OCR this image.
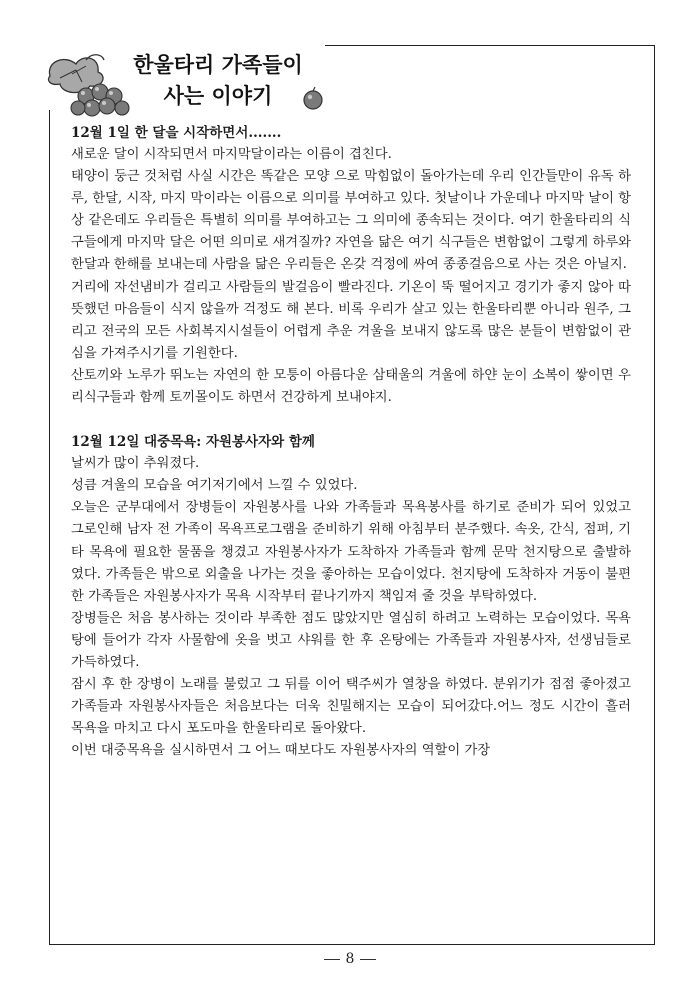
한울타리 가족들이
사는 이야기

12월 1일 한 달을 시작하면서.......

새로운 달이 시작되면서 마지막달이라는 이름이 겹친다.

태양이 둥근 것처럼 사실 시간은 똑같은 모양 으로 막힘없이 돌아가는데 우리 인간들만이 유독 하루, 한달, 시작, 마지 막이라는 이름으로 의미를 부여하고 있다. 첫날이나 가운데나 마지막 날이 항상 같은데도 우리들은 특별히 의미를 부여하고는 그 의미에 종속되는 것이다. 여기 한울타리의 식구들에게 마지막 달은 어떤 의미로 새겨질까? 자연을 닮은 여기 식구들은 변함없이 그렇게 하루와 한달과 한해를 보내는데 사람을 닮은 우리들은 온갖 걱정에 싸여 종종걸음으로 사는 것은 아닐지.

거리에 자선냄비가 걸리고 사람들의 발걸음이 빨라진다. 기온이 뚝 떨어지고 경기가 좋지 않아 따뜻했던 마음들이 식지 않을까 걱정도 해 본다. 비록 우리가 살고 있는 한울타리뿐 아니라 원주, 그리고 전국의 모든 사회복지시설들이 어렵게 추운 겨울을 보내지 않도록 많은 분들이 변함없이 관심을 가져주시기를 기원한다.

산토끼와 노루가 뛰노는 자연의 한 모퉁이 아름다운 삼태울의 겨울에 하얀 눈이 소복이 쌓이면 우리식구들과 함께 토끼몰이도 하면서 건강하게 보내야지.

12월 12일 대중목욕: 자원봉사자와 함께

날씨가 많이 추워졌다.

성큼 겨울의 모습을 여기저기에서 느낄 수 있었다.

오늘은 군부대에서 장병들이 자원봉사를 나와 가족들과 목욕봉사를 하기로 준비가 되어 있었고 그로인해 남자 전 가족이 목욕프로그램을 준비하기 위해 아침부터 분주했다. 속옷, 간식, 점퍼, 기타 목욕에 필요한 물품을 챙겼고 자원봉사자가 도착하자 가족들과 함께 문막 천지탕으로 출발하였다. 가족들은 밖으로 외출을 나가는 것을 좋아하는 모습이었다. 천지탕에 도착하자 거동이 불편한 가족들은 자원봉사자가 목욕 시작부터 끝나기까지 책임져 줄 것을 부탁하였다.

장병들은 처음 봉사하는 것이라 부족한 점도 많았지만 열심히 하려고 노력하는 모습이었다. 목욕탕에 들어가 각자 사물함에 옷을 벗고 샤워를 한 후 온탕에는 가족들과 자원봉사자, 선생님들로 가득하였다.

잠시 후 한 장병이 노래를 불렀고 그 뒤를 이어 택주씨가 열창을 하였다. 분위기가 점점 좋아졌고 가족들과 자원봉사자들은 처음보다는 더욱 친밀해지는 모습이 되어갔다.어느 정도 시간이 흘러 목욕을 마치고 다시 포도마을 한울타리로 돌아왔다.

이번 대중목욕을 실시하면서 그 어느 때보다도 자원봉사자의 역할이 가장

8
